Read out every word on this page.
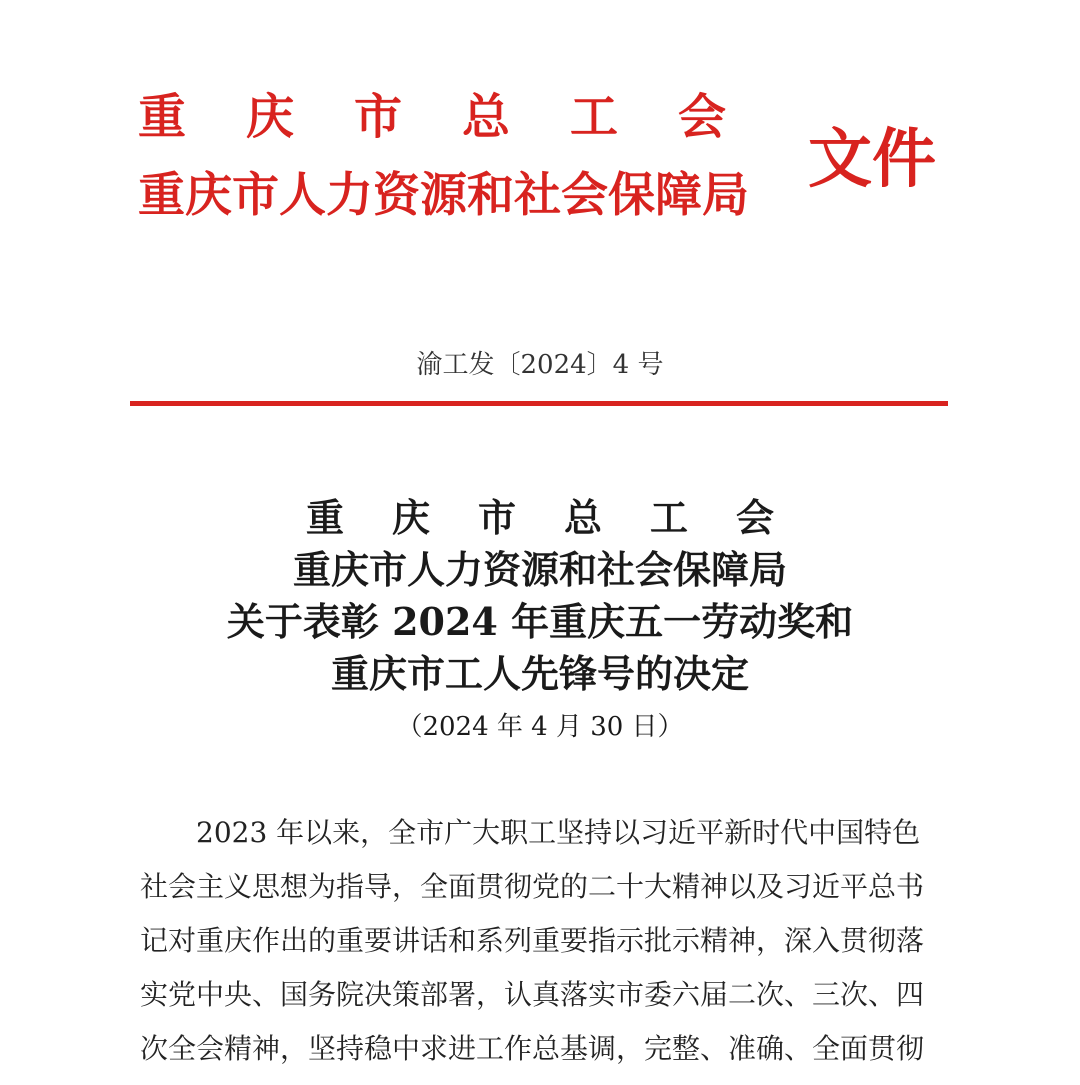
重庆市总工会
重庆市人力资源和社会保障局 文件
渝工发〔2024〕4 号
重庆市总工会
重庆市人力资源和社会保障局
关于表彰 2024 年重庆五一劳动奖和
重庆市工人先锋号的决定
（2024 年 4 月 30 日）
2023 年以来，全市广大职工坚持以习近平新时代中国特色
社会主义思想为指导，全面贯彻党的二十大精神以及习近平总书
记对重庆作出的重要讲话和系列重要指示批示精神，深入贯彻落
实党中央、国务院决策部署，认真落实市委六届二次、三次、四
次全会精神，坚持稳中求进工作总基调，完整、准确、全面贯彻
